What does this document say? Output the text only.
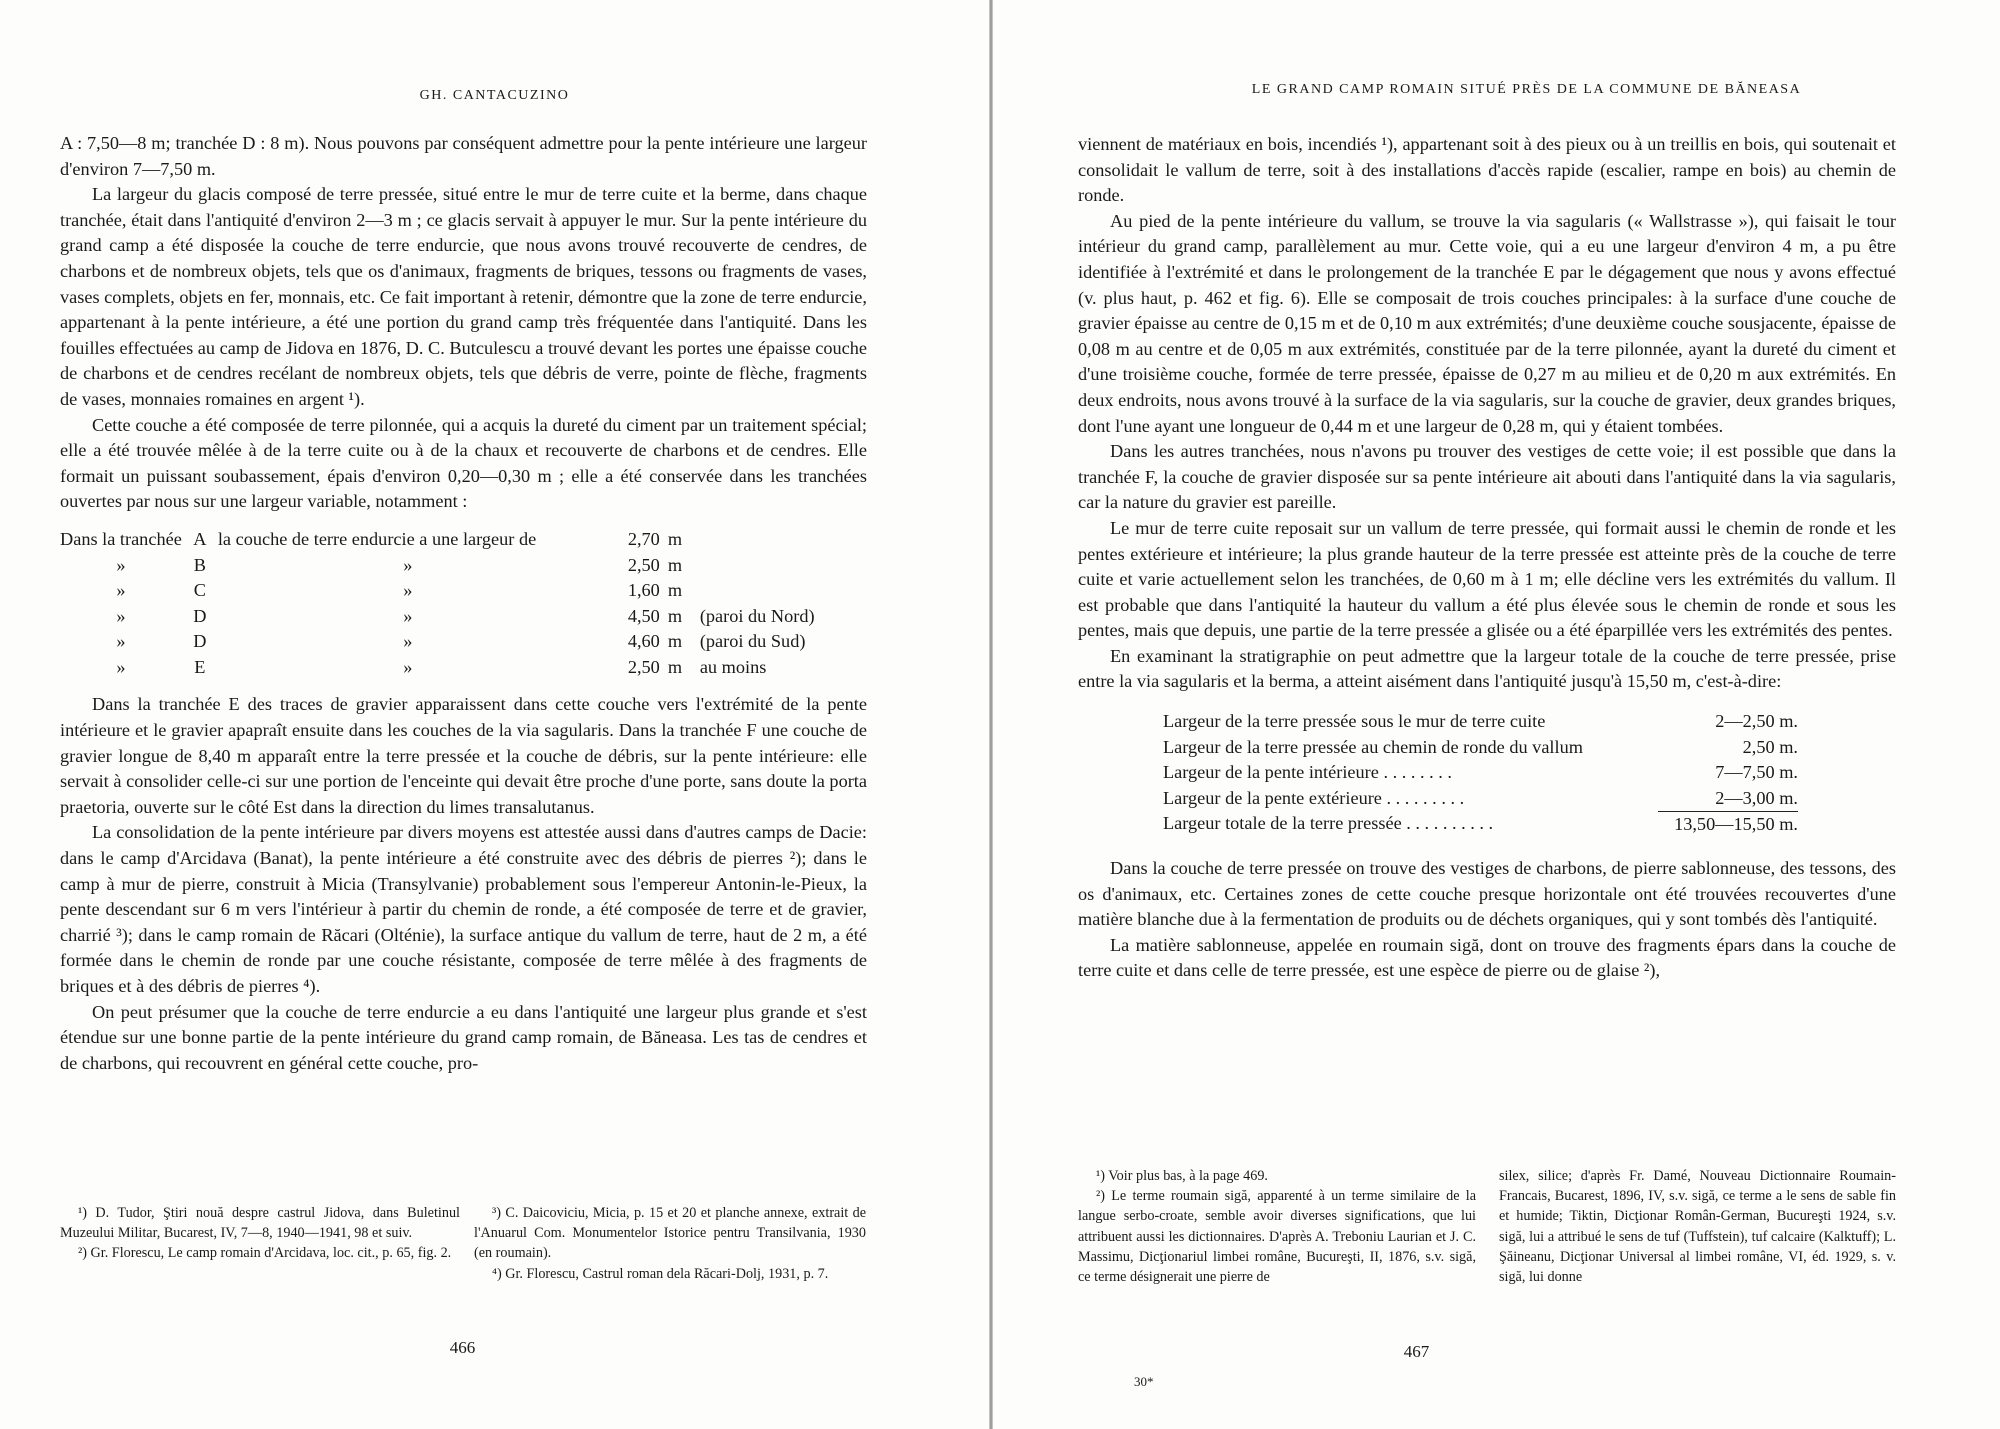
GH. CANTACUZINO

A : 7,50—8 m; tranchée D : 8 m). Nous pouvons par conséquent admettre pour la pente intérieure une largeur d'environ 7—7,50 m.

La largeur du glacis composé de terre pressée, situé entre le mur de terre cuite et la berme, dans chaque tranchée, était dans l'antiquité d'environ 2—3 m ; ce glacis servait à appuyer le mur. Sur la pente intérieure du grand camp a été disposée la couche de terre endurcie, que nous avons trouvé recouverte de cendres, de charbons et de nombreux objets, tels que os d'animaux, fragments de briques, tessons ou fragments de vases, vases complets, objets en fer, monnais, etc. Ce fait important à retenir, démontre que la zone de terre endurcie, appartenant à la pente intérieure, a été une portion du grand camp très fréquentée dans l'antiquité. Dans les fouilles effectuées au camp de Jidova en 1876, D. C. Butculescu a trouvé devant les portes une épaisse couche de charbons et de cendres recélant de nombreux objets, tels que débris de verre, pointe de flèche, fragments de vases, monnaies romaines en argent ¹).

Cette couche a été composée de terre pilonnée, qui a acquis la dureté du ciment par un traitement spécial; elle a été trouvée mêlée à de la terre cuite ou à de la chaux et recouverte de charbons et de cendres. Elle formait un puissant soubassement, épais d'environ 0,20—0,30 m ; elle a été conservée dans les tranchées ouvertes par nous sur une largeur variable, notamment :

Dans la tranchée	A	la couche de terre endurcie a une largeur de	2,70	m	
»	B	»	2,50	m	
»	C	»	1,60	m	
»	D	»	4,50	m	(paroi du Nord)
»	D	»	4,60	m	(paroi du Sud)
»	E	»	2,50	m	au moins

Dans la tranchée E des traces de gravier apparaissent dans cette couche vers l'extrémité de la pente intérieure et le gravier apapraît ensuite dans les couches de la via sagularis. Dans la tranchée F une couche de gravier longue de 8,40 m apparaît entre la terre pressée et la couche de débris, sur la pente intérieure: elle servait à consolider celle-ci sur une portion de l'enceinte qui devait être proche d'une porte, sans doute la porta praetoria, ouverte sur le côté Est dans la direction du limes transalutanus.

La consolidation de la pente intérieure par divers moyens est attestée aussi dans d'autres camps de Dacie: dans le camp d'Arcidava (Banat), la pente intérieure a été construite avec des débris de pierres ²); dans le camp à mur de pierre, construit à Micia (Transylvanie) probablement sous l'empereur Antonin-le-Pieux, la pente descendant sur 6 m vers l'intérieur à partir du chemin de ronde, a été composée de terre et de gravier, charrié ³); dans le camp romain de Răcari (Olténie), la surface antique du vallum de terre, haut de 2 m, a été formée dans le chemin de ronde par une couche résistante, composée de terre mêlée à des fragments de briques et à des débris de pierres ⁴).

On peut présumer que la couche de terre endurcie a eu dans l'antiquité une largeur plus grande et s'est étendue sur une bonne partie de la pente intérieure du grand camp romain, de Băneasa. Les tas de cendres et de charbons, qui recouvrent en général cette couche, pro-

¹) D. Tudor, Ştiri nouă despre castrul Jidova, dans Buletinul Muzeului Militar, Bucarest, IV, 7—8, 1940—1941, 98 et suiv.

²) Gr. Florescu, Le camp romain d'Arcidava, loc. cit., p. 65, fig. 2.

³) C. Daicoviciu, Micia, p. 15 et 20 et planche annexe, extrait de l'Anuarul Com. Monumentelor Istorice pentru Transilvania, 1930 (en roumain).

⁴) Gr. Florescu, Castrul roman dela Răcari-Dolj, 1931, p. 7.

466
LE GRAND CAMP ROMAIN SITUÉ PRÈS DE LA COMMUNE DE BĂNEASA

viennent de matériaux en bois, incendiés ¹), appartenant soit à des pieux ou à un treillis en bois, qui soutenait et consolidait le vallum de terre, soit à des installations d'accès rapide (escalier, rampe en bois) au chemin de ronde.

Au pied de la pente intérieure du vallum, se trouve la via sagularis (« Wallstrasse »), qui faisait le tour intérieur du grand camp, parallèlement au mur. Cette voie, qui a eu une largeur d'environ 4 m, a pu être identifiée à l'extrémité et dans le prolongement de la tranchée E par le dégagement que nous y avons effectué (v. plus haut, p. 462 et fig. 6). Elle se composait de trois couches principales: à la surface d'une couche de gravier épaisse au centre de 0,15 m et de 0,10 m aux extrémités; d'une deuxième couche sousjacente, épaisse de 0,08 m au centre et de 0,05 m aux extrémités, constituée par de la terre pilonnée, ayant la dureté du ciment et d'une troisième couche, formée de terre pressée, épaisse de 0,27 m au milieu et de 0,20 m aux extrémités. En deux endroits, nous avons trouvé à la surface de la via sagularis, sur la couche de gravier, deux grandes briques, dont l'une ayant une longueur de 0,44 m et une largeur de 0,28 m, qui y étaient tombées.

Dans les autres tranchées, nous n'avons pu trouver des vestiges de cette voie; il est possible que dans la tranchée F, la couche de gravier disposée sur sa pente intérieure ait abouti dans l'antiquité dans la via sagularis, car la nature du gravier est pareille.

Le mur de terre cuite reposait sur un vallum de terre pressée, qui formait aussi le chemin de ronde et les pentes extérieure et intérieure; la plus grande hauteur de la terre pressée est atteinte près de la couche de terre cuite et varie actuellement selon les tranchées, de 0,60 m à 1 m; elle décline vers les extrémités du vallum. Il est probable que dans l'antiquité la hauteur du vallum a été plus élevée sous le chemin de ronde et sous les pentes, mais que depuis, une partie de la terre pressée a glisée ou a été éparpillée vers les extrémités des pentes.

En examinant la stratigraphie on peut admettre que la largeur totale de la couche de terre pressée, prise entre la via sagularis et la berma, a atteint aisément dans l'antiquité jusqu'à 15,50 m, c'est-à-dire:

Largeur de la terre pressée sous le mur de terre cuite	2—2,50 m.
Largeur de la terre pressée au chemin de ronde du vallum	2,50 m.
Largeur de la pente intérieure . . . . . . . .	7—7,50 m.
Largeur de la pente extérieure . . . . . . . . .	2—3,00 m.
Largeur totale de la terre pressée . . . . . . . . . .	13,50—15,50 m.

Dans la couche de terre pressée on trouve des vestiges de charbons, de pierre sablonneuse, des tessons, des os d'animaux, etc. Certaines zones de cette couche presque horizontale ont été trouvées recouvertes d'une matière blanche due à la fermentation de produits ou de déchets organiques, qui y sont tombés dès l'antiquité.

La matière sablonneuse, appelée en roumain sigă, dont on trouve des fragments épars dans la couche de terre cuite et dans celle de terre pressée, est une espèce de pierre ou de glaise ²),

¹) Voir plus bas, à la page 469.

²) Le terme roumain sigă, apparenté à un terme similaire de la langue serbo-croate, semble avoir diverses significations, que lui attribuent aussi les dictionnaires. D'après A. Treboniu Laurian et J. C. Massimu, Dicţionariul limbei române, Bucureşti, II, 1876, s.v. sigă, ce terme désignerait une pierre de

silex, silice; d'après Fr. Damé, Nouveau Dictionnaire Roumain-Francais, Bucarest, 1896, IV, s.v. sigă, ce terme a le sens de sable fin et humide; Tiktin, Dicţionar Român-German, Bucureşti 1924, s.v. sigă, lui a attribué le sens de tuf (Tuffstein), tuf calcaire (Kalktuff); L. Şăineanu, Dicţionar Universal al limbei române, VI, éd. 1929, s. v. sigă, lui donne

467
30*
